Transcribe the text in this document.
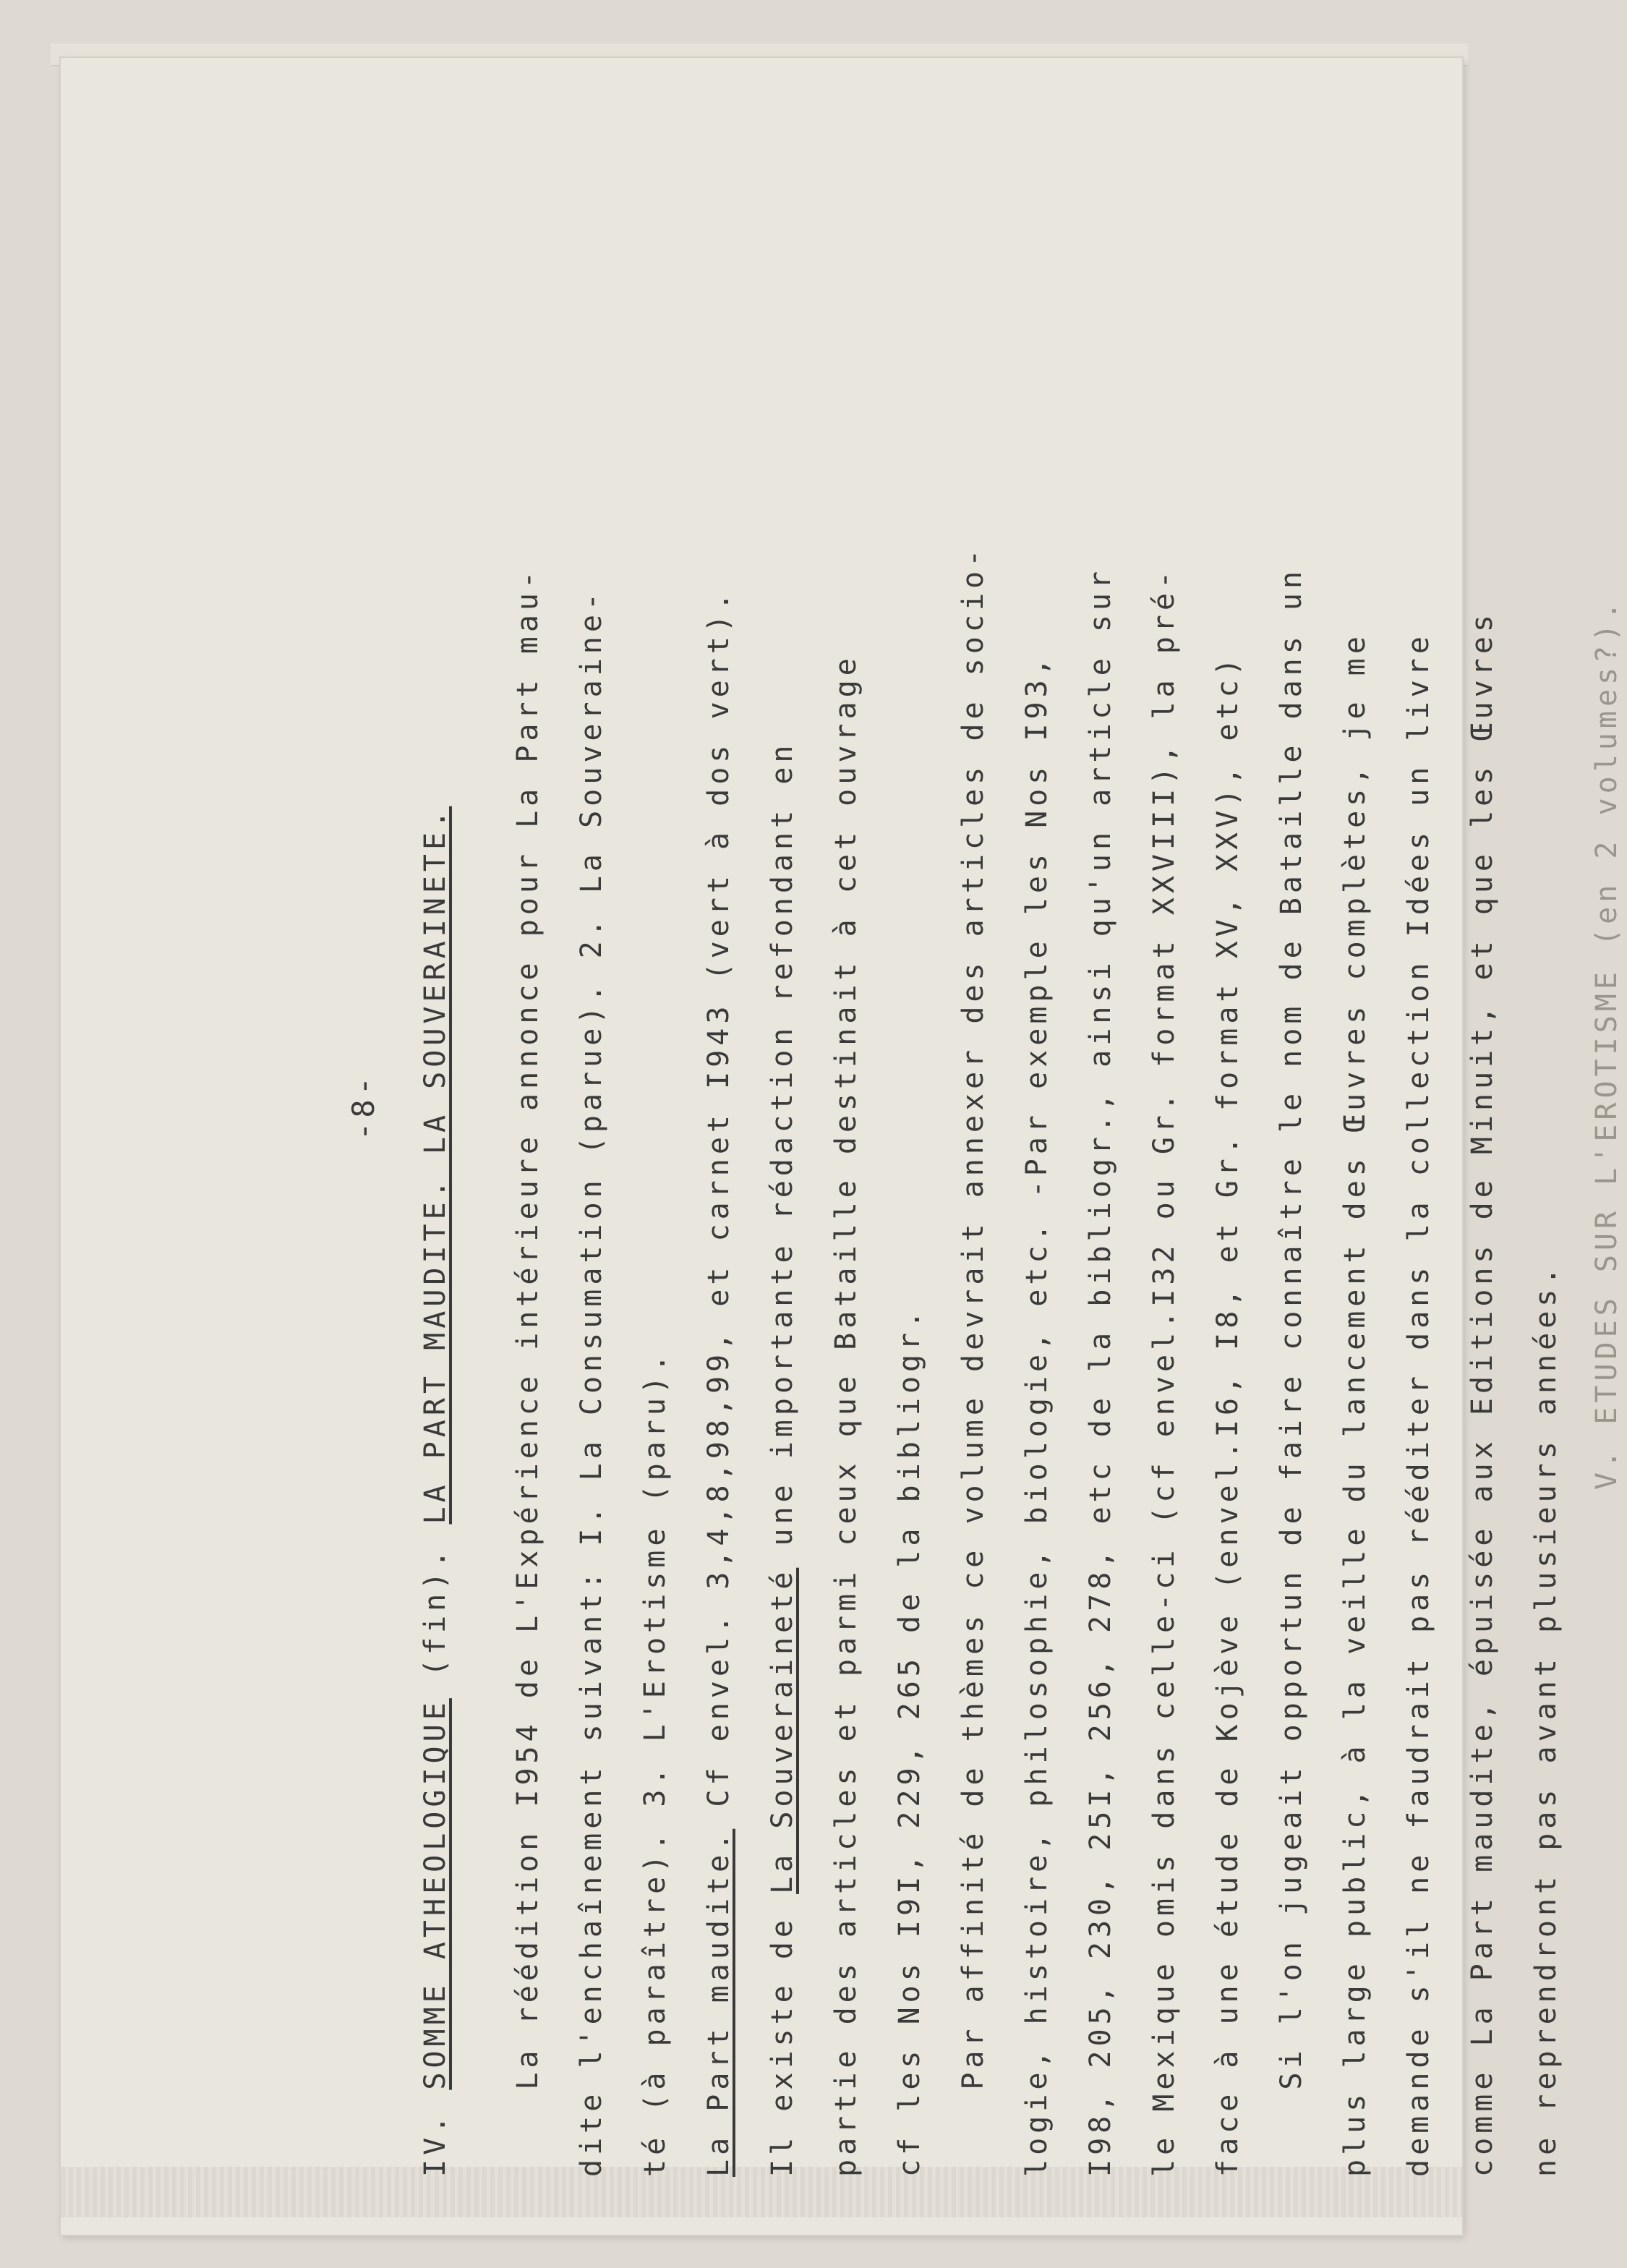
-8-
IV. SOMME ATHEOLOGIQUE (fin). LA PART MAUDITE. LA SOUVERAINETE. La réédition I954 de L'Expérience intérieure annonce pour La Part mau- dite l'enchaînement suivant: I. La Consumation (parue). 2. La Souveraine- té (à paraître). 3. L'Erotisme (paru). La Part maudite. Cf envel. 3,4,8,98,99, et carnet I943 (vert à dos vert).
Il existe de La Souveraineté une importante rédaction refondant en partie des articles et parmi ceux que Bataille destinait à cet ouvrage cf les Nos I9I, 229, 265 de la bibliogr. Par affinité de thèmes ce volume devrait annexer des articles de socio- logie, histoire, philosophie, biologie, etc. -Par exemple les Nos I93, I98, 205, 230, 25I, 256, 278, etc de la bibliogr., ainsi qu'un article sur le Mexique omis dans celle-ci (cf envel.I32 ou Gr. format XXVIII), la pré- face à une étude de Kojève (envel.I6, I8, et Gr. format XV, XXV), etc) Si l'on jugeait opportun de faire connaître le nom de Bataille dans un plus large public, à la veille du lancement des Œuvres complètes, je me demande s'il ne faudrait pas rééditer dans la collection Idées un livre comme La Part maudite, épuisée aux Editions de Minuit, et que les Œuvres ne reprendront pas avant plusieurs années.
V. ETUDES SUR L'EROTISME (en 2 volumes?).
